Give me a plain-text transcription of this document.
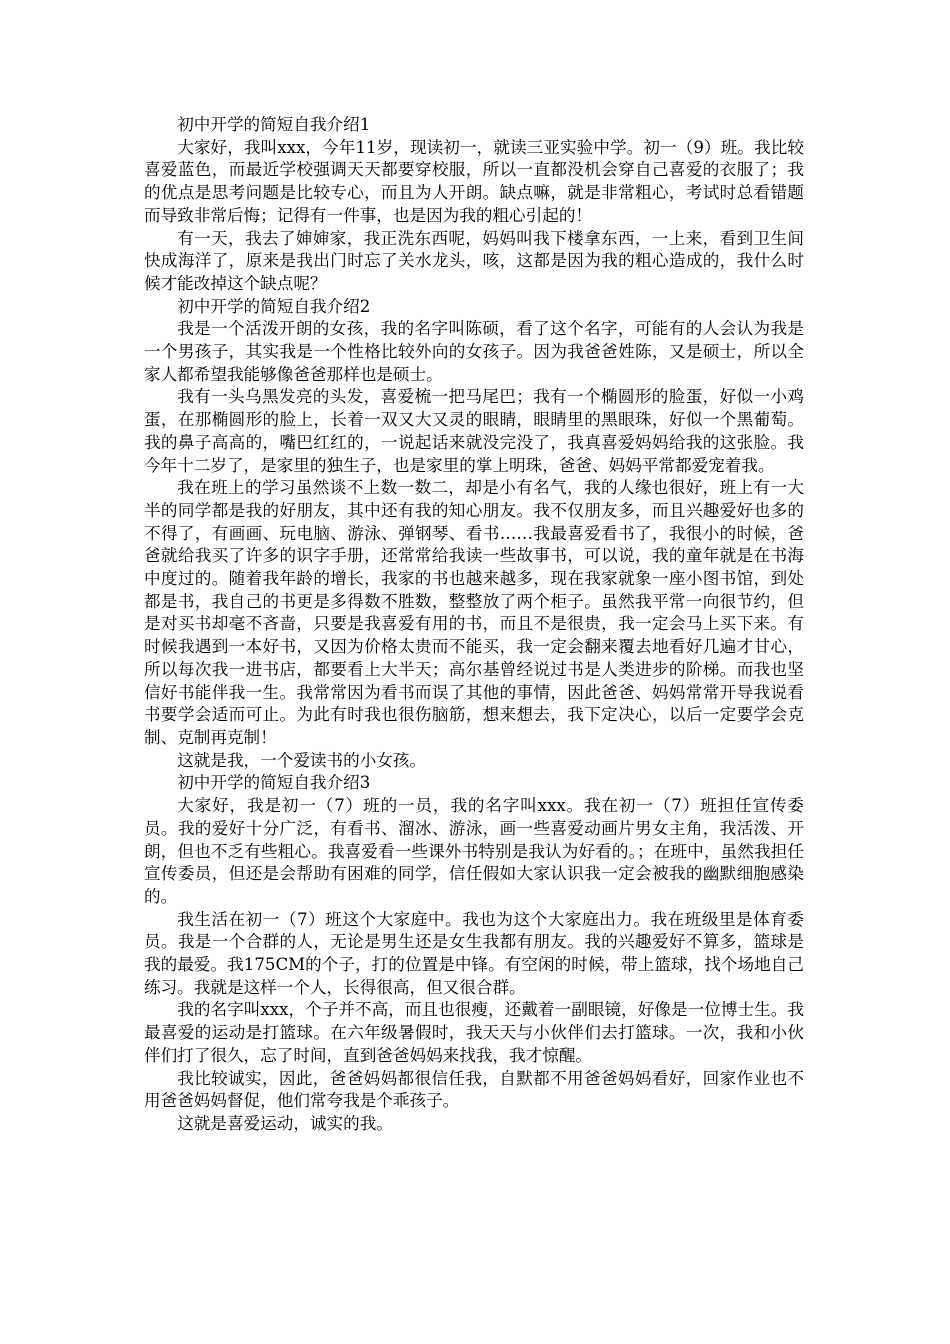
初中开学的简短自我介绍1

大家好，我叫xxx，今年11岁，现读初一，就读三亚实验中学。初一（9）班。我比较喜爱蓝色，而最近学校强调天天都要穿校服，所以一直都没机会穿自己喜爱的衣服了；我的优点是思考问题是比较专心，而且为人开朗。缺点嘛，就是非常粗心，考试时总看错题而导致非常后悔；记得有一件事，也是因为我的粗心引起的！

有一天，我去了婶婶家，我正洗东西呢，妈妈叫我下楼拿东西，一上来，看到卫生间快成海洋了，原来是我出门时忘了关水龙头，咳，这都是因为我的粗心造成的，我什么时候才能改掉这个缺点呢？

初中开学的简短自我介绍2

我是一个活泼开朗的女孩，我的名字叫陈硕，看了这个名字，可能有的人会认为我是一个男孩子，其实我是一个性格比较外向的女孩子。因为我爸爸姓陈，又是硕士，所以全家人都希望我能够像爸爸那样也是硕士。

我有一头乌黑发亮的头发，喜爱梳一把马尾巴；我有一个椭圆形的脸蛋，好似一小鸡蛋，在那椭圆形的脸上，长着一双又大又灵的眼睛，眼睛里的黑眼珠，好似一个黑葡萄。我的鼻子高高的，嘴巴红红的，一说起话来就没完没了，我真喜爱妈妈给我的这张脸。我今年十二岁了，是家里的独生子，也是家里的掌上明珠，爸爸、妈妈平常都爱宠着我。

我在班上的学习虽然谈不上数一数二，却是小有名气，我的人缘也很好，班上有一大半的同学都是我的好朋友，其中还有我的知心朋友。我不仅朋友多，而且兴趣爱好也多的不得了，有画画、玩电脑、游泳、弹钢琴、看书……我最喜爱看书了，我很小的时候，爸爸就给我买了许多的识字手册，还常常给我读一些故事书，可以说，我的童年就是在书海中度过的。随着我年龄的增长，我家的书也越来越多，现在我家就象一座小图书馆，到处都是书，我自己的书更是多得数不胜数，整整放了两个柜子。虽然我平常一向很节约，但是对买书却毫不吝啬，只要是我喜爱有用的书，而且不是很贵，我一定会马上买下来。有时候我遇到一本好书，又因为价格太贵而不能买，我一定会翻来覆去地看好几遍才甘心，所以每次我一进书店，都要看上大半天；高尔基曾经说过书是人类进步的阶梯。而我也坚信好书能伴我一生。我常常因为看书而误了其他的事情，因此爸爸、妈妈常常开导我说看书要学会适而可止。为此有时我也很伤脑筋，想来想去，我下定决心，以后一定要学会克制、克制再克制！

这就是我，一个爱读书的小女孩。

初中开学的简短自我介绍3

大家好，我是初一（7）班的一员，我的名字叫xxx。我在初一（7）班担任宣传委员。我的爱好十分广泛，有看书、溜冰、游泳，画一些喜爱动画片男女主角，我活泼、开朗，但也不乏有些粗心。我喜爱看一些课外书特别是我认为好看的。；在班中，虽然我担任宣传委员，但还是会帮助有困难的同学，信任假如大家认识我一定会被我的幽默细胞感染的。

我生活在初一（7）班这个大家庭中。我也为这个大家庭出力。我在班级里是体育委员。我是一个合群的人，无论是男生还是女生我都有朋友。我的兴趣爱好不算多，篮球是我的最爱。我175CM的个子，打的位置是中锋。有空闲的时候，带上篮球，找个场地自己练习。我就是这样一个人，长得很高，但又很合群。

我的名字叫xxx，个子并不高，而且也很瘦，还戴着一副眼镜，好像是一位博士生。我最喜爱的运动是打篮球。在六年级暑假时，我天天与小伙伴们去打篮球。一次，我和小伙伴们打了很久，忘了时间，直到爸爸妈妈来找我，我才惊醒。

我比较诚实，因此，爸爸妈妈都很信任我，自默都不用爸爸妈妈看好，回家作业也不用爸爸妈妈督促，他们常夸我是个乖孩子。

这就是喜爱运动，诚实的我。
